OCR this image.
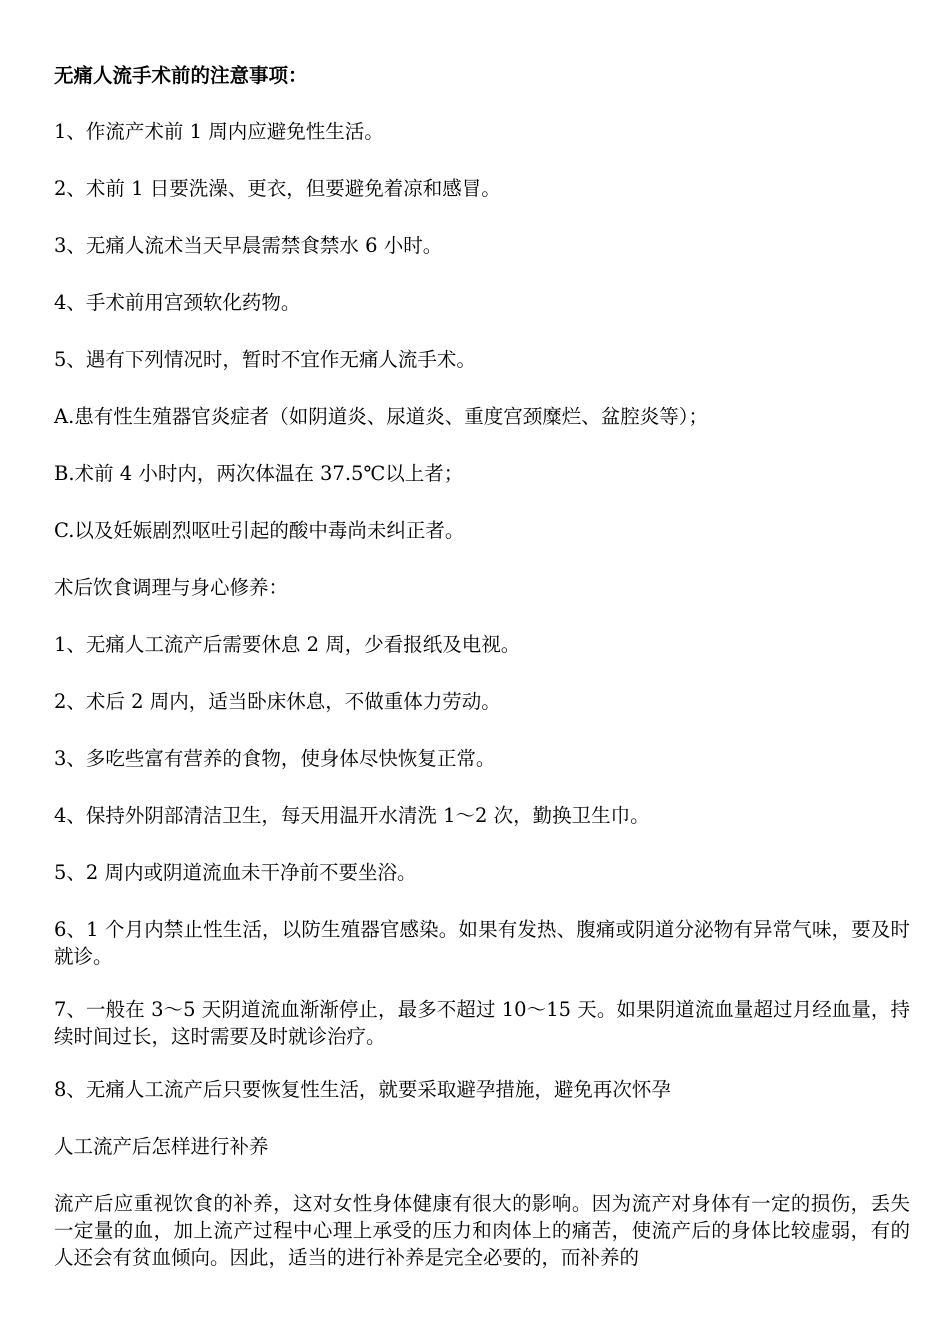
无痛人流手术前的注意事项：

1、作流产术前 1 周内应避免性生活。

2、术前 1 日要洗澡、更衣，但要避免着凉和感冒。

3、无痛人流术当天早晨需禁食禁水 6 小时。

4、手术前用宫颈软化药物。

5、遇有下列情况时，暂时不宜作无痛人流手术。

A.患有性生殖器官炎症者（如阴道炎、尿道炎、重度宫颈糜烂、盆腔炎等）；

B.术前 4 小时内，两次体温在 37.5℃以上者；

C.以及妊娠剧烈呕吐引起的酸中毒尚未纠正者。

术后饮食调理与身心修养：

1、无痛人工流产后需要休息 2 周，少看报纸及电视。

2、术后 2 周内，适当卧床休息，不做重体力劳动。

3、多吃些富有营养的食物，使身体尽快恢复正常。

4、保持外阴部清洁卫生，每天用温开水清洗 1～2 次，勤换卫生巾。

5、2 周内或阴道流血未干净前不要坐浴。

6、1 个月内禁止性生活，以防生殖器官感染。如果有发热、腹痛或阴道分泌物有异常气味，要及时就诊。

7、一般在 3～5 天阴道流血渐渐停止，最多不超过 10～15 天。如果阴道流血量超过月经血量，持续时间过长，这时需要及时就诊治疗。

8、无痛人工流产后只要恢复性生活，就要采取避孕措施，避免再次怀孕

人工流产后怎样进行补养

流产后应重视饮食的补养，这对女性身体健康有很大的影响。因为流产对身体有一定的损伤，丢失一定量的血，加上流产过程中心理上承受的压力和肉体上的痛苦，使流产后的身体比较虚弱，有的人还会有贫血倾向。因此，适当的进行补养是完全必要的，而补养的
